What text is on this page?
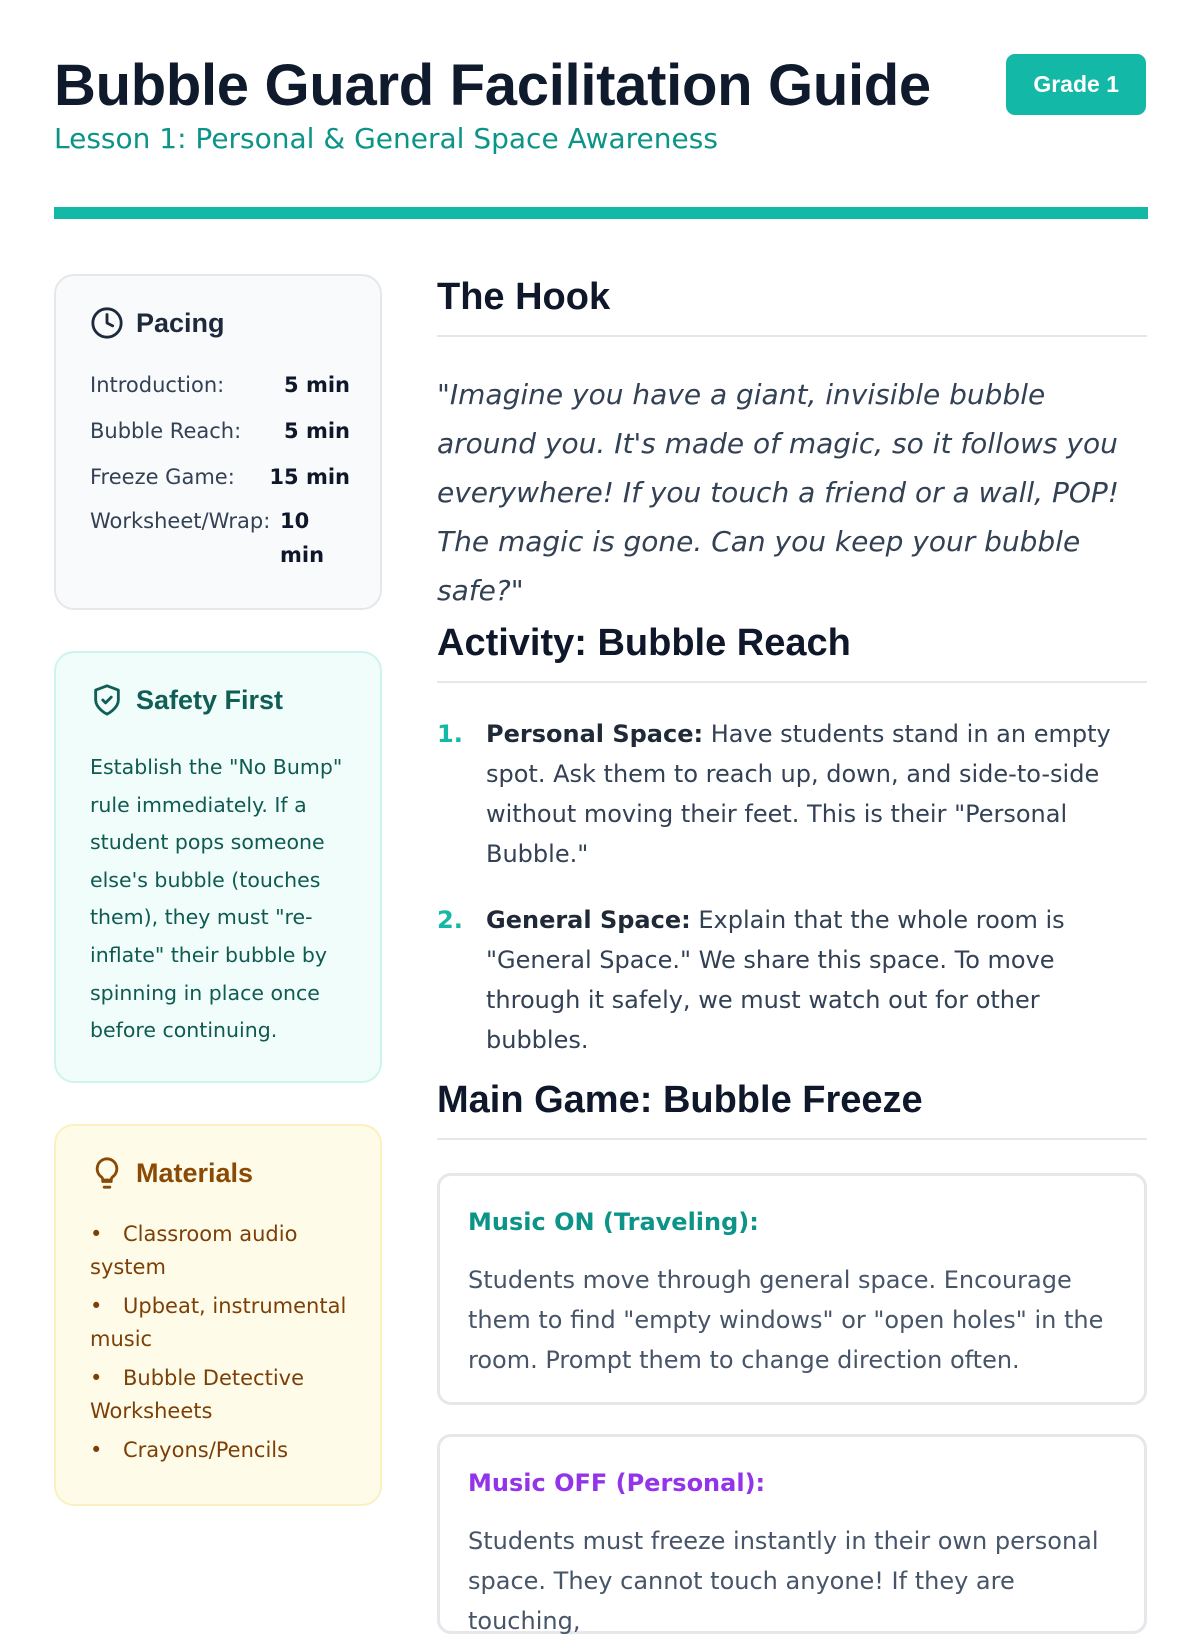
Bubble Guard Facilitation Guide	Grade 1
Lesson 1: Personal & General Space Awareness
Pacing
Introduction:	5 min
Bubble Reach: 5 min
Freeze Game: 15 min
Worksheet/Wrap: 10 min
Safety First
Establish the "No Bump" rule immediately. If a student pops someone else's bubble (touches them), they must "re-inflate" their bubble by spinning in place once before continuing.
Materials
• Classroom audio system
• Upbeat, instrumental music
• Bubble Detective Worksheets
• Crayons/Pencils
The Hook
"Imagine you have a giant, invisible bubble around you. It's made of magic, so it follows you everywhere! If you touch a friend or a wall, POP! The magic is gone. Can you keep your bubble safe?"
Activity: Bubble Reach
1. Personal Space: Have students stand in an empty spot. Ask them to reach up, down, and side-to-side without moving their feet. This is their "Personal Bubble."
2. General Space: Explain that the whole room is "General Space." We share this space. To move through it safely, we must watch out for other bubbles.
Main Game: Bubble Freeze
Music ON (Traveling):
Students move through general space. Encourage them to find "empty windows" or "open holes" in the room. Prompt them to change direction often.
Music OFF (Personal):
Students must freeze instantly in their own personal space. They cannot touch anyone! If they are touching,
